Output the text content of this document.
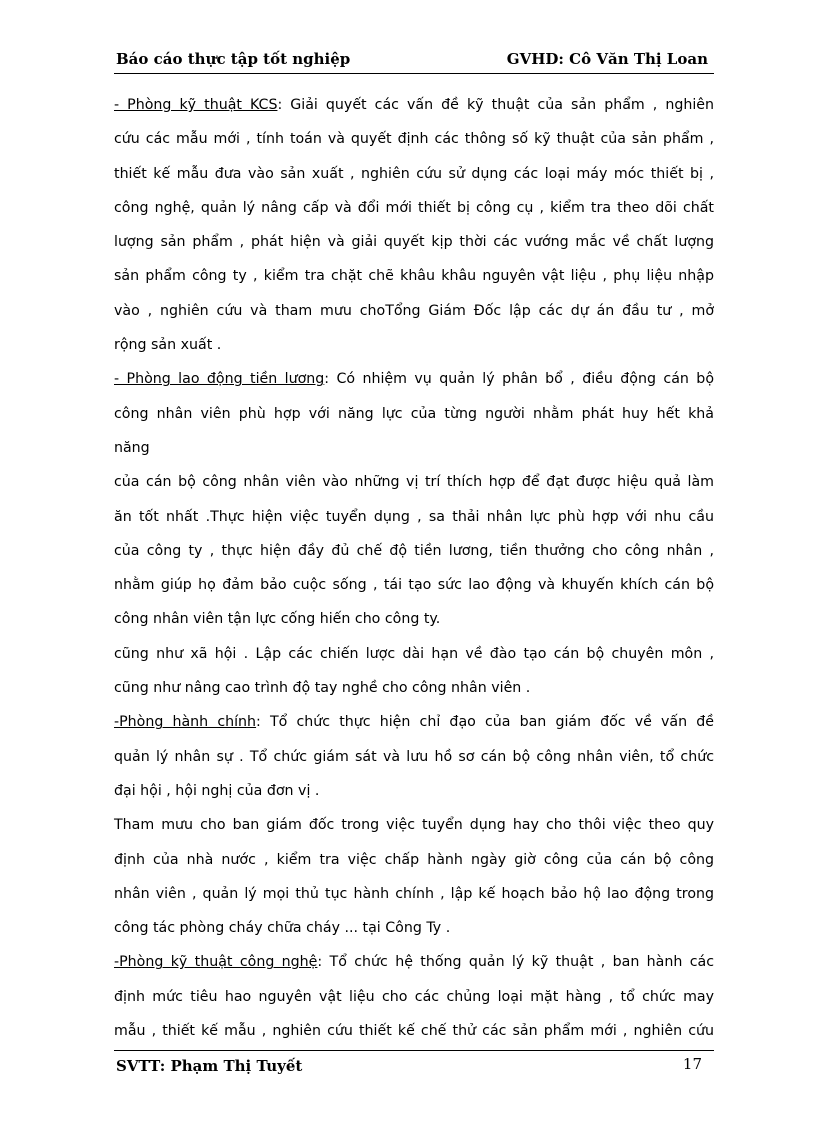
Báo cáo thực tập tốt nghiệp	GVHD: Cô Văn Thị Loan
- Phòng kỹ thuật KCS: Giải quyết các vấn đề kỹ thuật của sản phẩm , nghiên
cứu các mẫu mới , tính toán và quyết định các thông số kỹ thuật của sản phẩm ,
thiết kế mẫu đưa vào sản xuất , nghiên cứu sử dụng các loại máy móc thiết bị ,
công nghệ, quản lý nâng cấp và đổi mới thiết bị công cụ , kiểm tra theo dõi chất
lượng sản phẩm , phát hiện và giải quyết kịp thời các vướng mắc về chất lượng
sản phẩm công ty , kiểm tra chặt chẽ khâu khâu nguyên vật liệu , phụ liệu nhập
vào , nghiên cứu và tham mưu choTổng Giám Đốc lập các dự án đầu tư , mở
rộng sản xuất .
- Phòng lao động tiền lương: Có nhiệm vụ quản lý phân bổ , điều động cán bộ
công nhân viên phù hợp với năng lực của từng người nhằm phát huy hết khả
năng
của cán bộ công nhân viên vào những vị trí thích hợp để đạt được hiệu quả làm
ăn tốt nhất .Thực hiện việc tuyển dụng , sa thải nhân lực phù hợp với nhu cầu
của công ty , thực hiện đầy đủ chế độ tiền lương, tiền thưởng cho công nhân ,
nhằm giúp họ đảm bảo cuộc sống , tái tạo sức lao động và khuyến khích cán bộ
công nhân viên tận lực cống hiến cho công ty.
cũng như xã hội . Lập các chiến lược dài hạn về đào tạo cán bộ chuyên môn ,
cũng như nâng cao trình độ tay nghề cho công nhân viên .
-Phòng hành chính: Tổ chức thực hiện chỉ đạo của ban giám đốc về vấn đề
quản lý nhân sự . Tổ chức giám sát và lưu hồ sơ cán bộ công nhân viên, tổ chức
đại hội , hội nghị của đơn vị .
Tham mưu cho ban giám đốc trong việc tuyển dụng hay cho thôi việc theo quy
định của nhà nước , kiểm tra việc chấp hành ngày giờ công của cán bộ công
nhân viên , quản lý mọi thủ tục hành chính , lập kế hoạch bảo hộ lao động trong
công tác phòng cháy chữa cháy ... tại Công Ty .
-Phòng kỹ thuật công nghệ: Tổ chức hệ thống quản lý kỹ thuật , ban hành các
định mức tiêu hao nguyên vật liệu cho các chủng loại mặt hàng , tổ chức may
mẫu , thiết kế mẫu , nghiên cứu thiết kế chế thử các sản phẩm mới , nghiên cứu
SVTT: Phạm Thị Tuyết	17
